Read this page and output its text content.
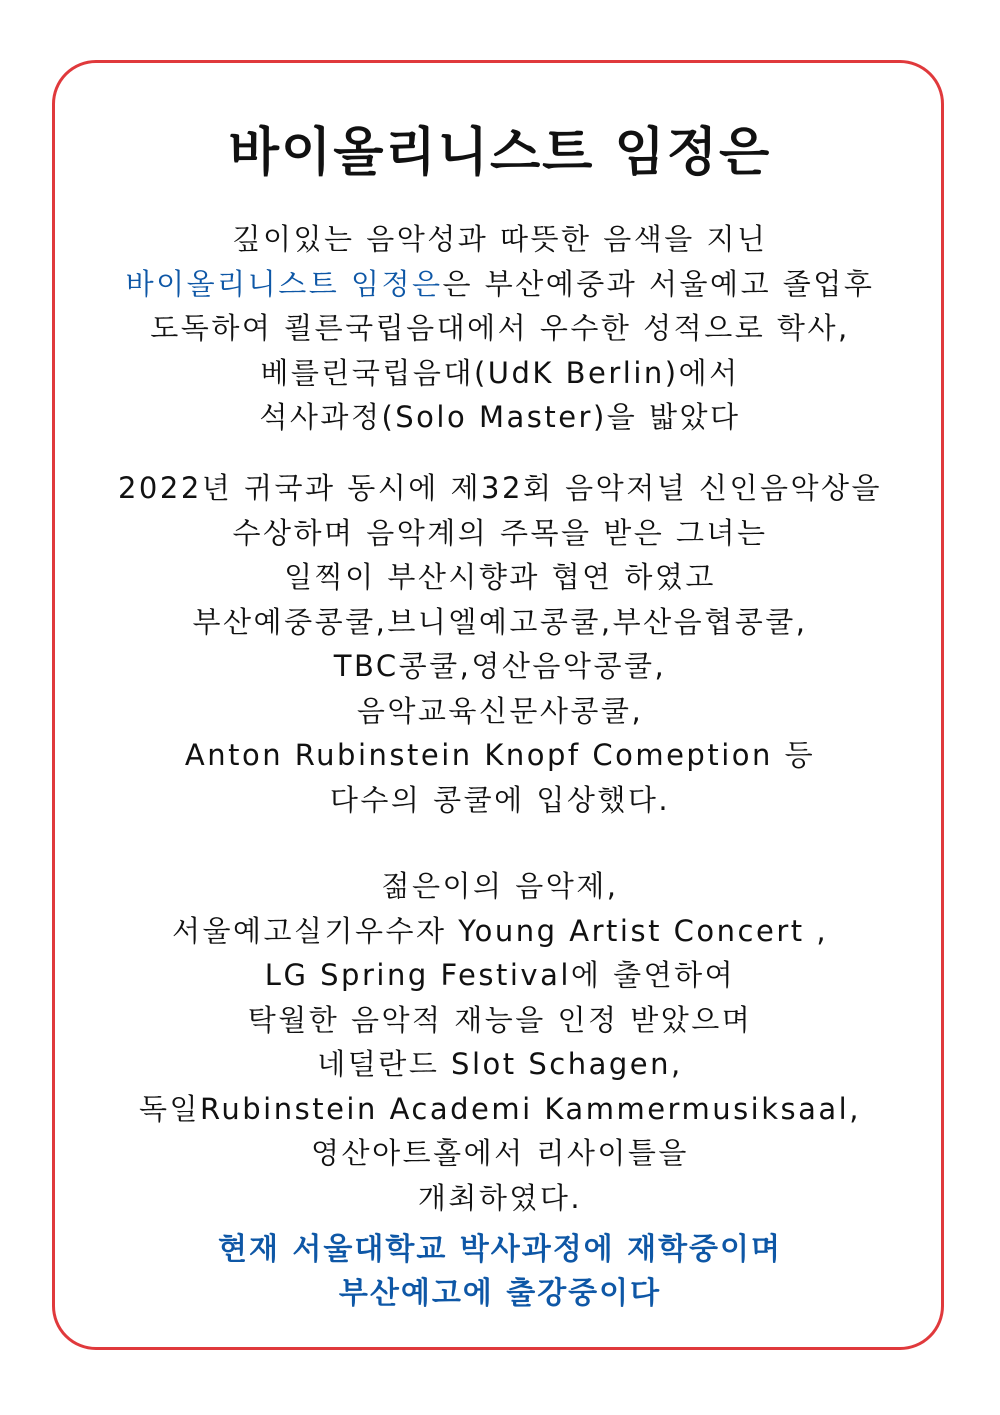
바이올리니스트 임정은
깊이있는 음악성과 따뜻한 음색을 지닌
바이올리니스트 임정은은 부산예중과 서울예고 졸업후
도독하여 쾰른국립음대에서 우수한 성적으로 학사,
베를린국립음대(UdK Berlin)에서
석사과정(Solo Master)을 밟았다
2022년 귀국과 동시에 제32회 음악저널 신인음악상을
수상하며 음악계의 주목을 받은 그녀는
일찍이 부산시향과 협연 하였고
부산예중콩쿨,브니엘예고콩쿨,부산음협콩쿨,
TBC콩쿨,영산음악콩쿨,
음악교육신문사콩쿨,
Anton Rubinstein Knopf Comeption 등
다수의 콩쿨에 입상했다.
젊은이의 음악제,
서울예고실기우수자 Young Artist Concert ,
LG Spring Festival에 출연하여
탁월한 음악적 재능을 인정 받았으며
네덜란드 Slot Schagen,
독일Rubinstein Academi Kammermusiksaal,
영산아트홀에서 리사이틀을
개최하였다.
현재 서울대학교 박사과정에 재학중이며
부산예고에 출강중이다
